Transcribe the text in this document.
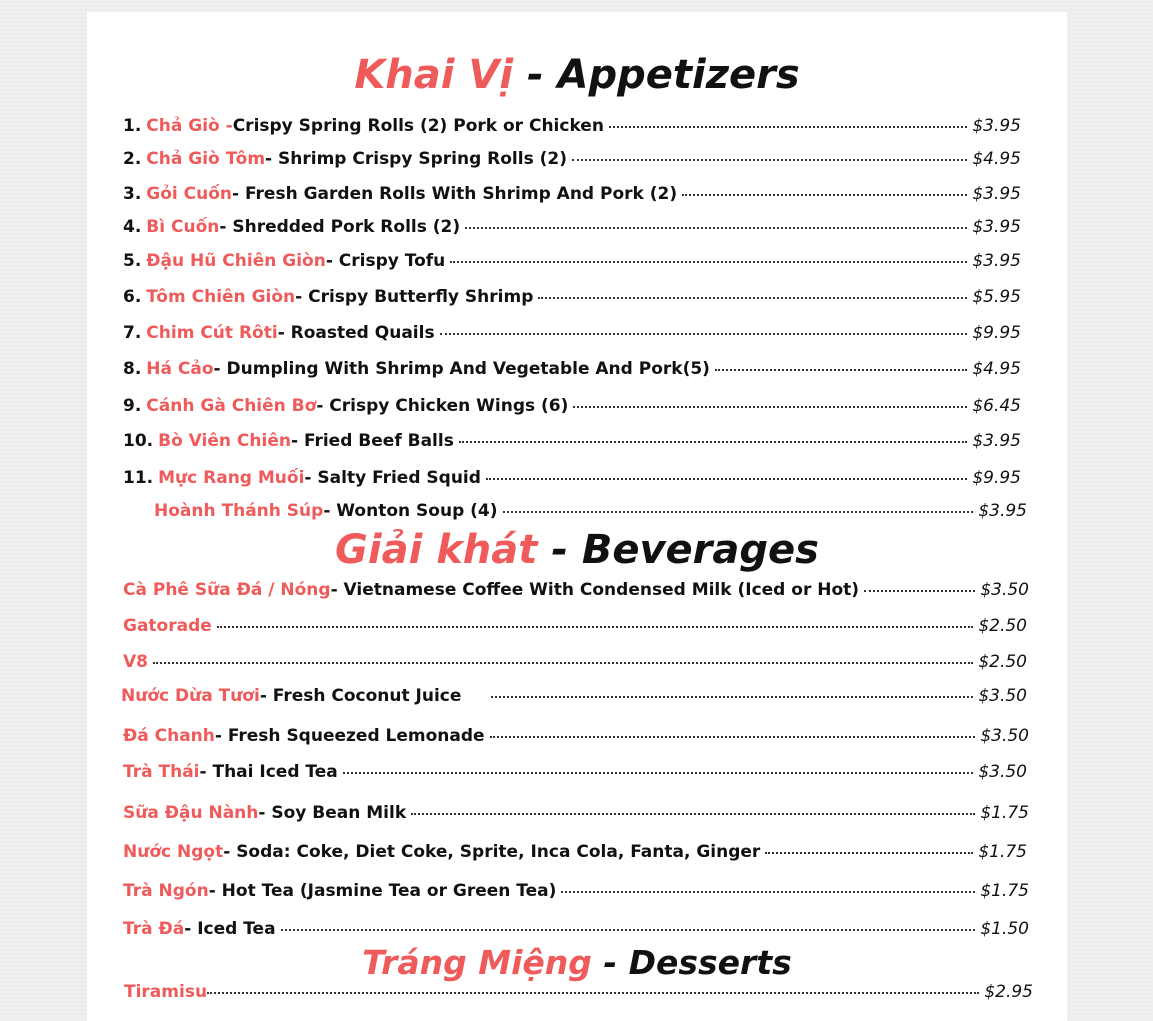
Khai Vị - Appetizers
1. Chả Giò - Crispy Spring Rolls (2) Pork or Chicken	$3.95
2. Chả Giò Tôm - Shrimp Crispy Spring Rolls (2)	$4.95
3. Gỏi Cuốn - Fresh Garden Rolls With Shrimp And Pork (2)	$3.95
4. Bì Cuốn - Shredded Pork Rolls (2)	$3.95
5. Đậu Hũ Chiên Giòn - Crispy Tofu	$3.95
6. Tôm Chiên Giòn - Crispy Butterfly Shrimp	$5.95
7. Chim Cút Rôti - Roasted Quails	$9.95
8. Há Cảo - Dumpling With Shrimp And Vegetable And Pork(5)	$4.95
9. Cánh Gà Chiên Bơ - Crispy Chicken Wings (6)	$6.45
10. Bò Viên Chiên - Fried Beef Balls	$3.95
11. Mực Rang Muối - Salty Fried Squid	$9.95
Hoành Thánh Súp - Wonton Soup (4)	$3.95
Giải khát - Beverages
Cà Phê Sữa Đá / Nóng - Vietnamese Coffee With Condensed Milk (Iced or Hot)	$3.50
Gatorade	$2.50
V8	$2.50
Nước Dừa Tươi - Fresh Coconut Juice	$3.50
Đá Chanh - Fresh Squeezed Lemonade	$3.50
Trà Thái - Thai Iced Tea	$3.50
Sữa Đậu Nành - Soy Bean Milk	$1.75
Nước Ngọt - Soda: Coke, Diet Coke, Sprite, Inca Cola, Fanta, Ginger	$1.75
Trà Ngón - Hot Tea (Jasmine Tea or Green Tea)	$1.75
Trà Đá - Iced Tea	$1.50
Tráng Miệng - Desserts
Tiramisu	$2.95
